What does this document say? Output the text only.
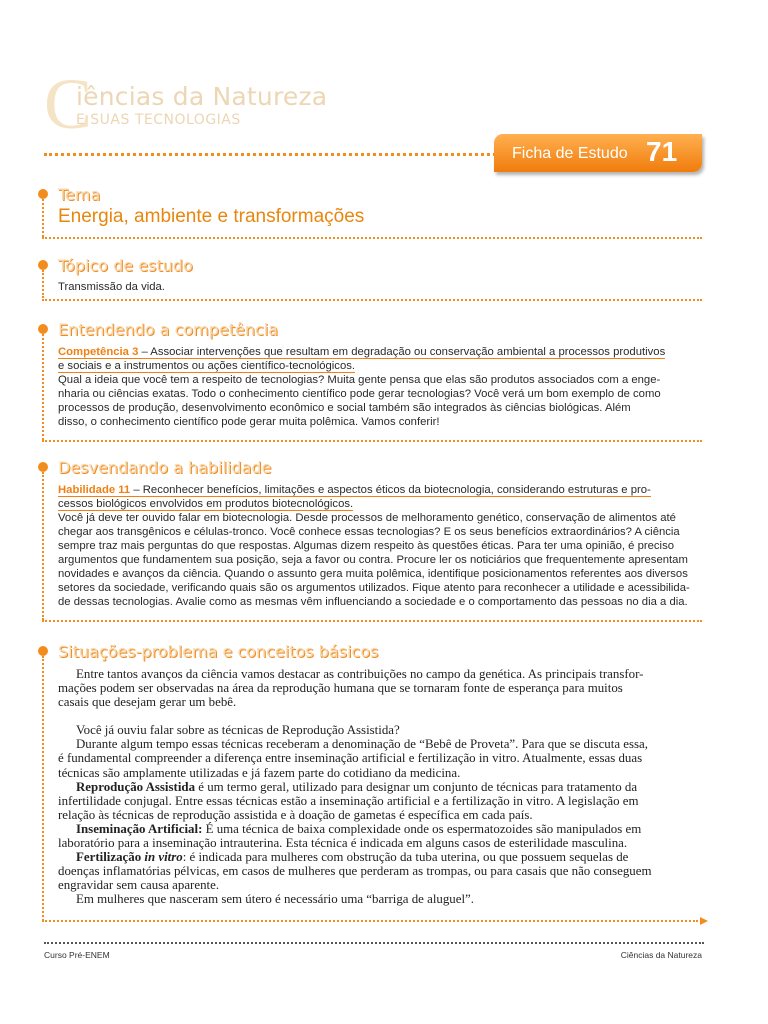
C
iências da Natureza
E SUAS TECNOLOGIAS
Ficha de Estudo 71
Tema
Energia, ambiente e transformações
Tópico de estudo
Transmissão da vida.
Entendendo a competência
Competência 3 – Associar intervenções que resultam em degradação ou conservação ambiental a processos produtivos
e sociais e a instrumentos ou ações científico-tecnológicos.
Qual a ideia que você tem a respeito de tecnologias? Muita gente pensa que elas são produtos associados com a enge-
nharia ou ciências exatas. Todo o conhecimento científico pode gerar tecnologias? Você verá um bom exemplo de como
processos de produção, desenvolvimento econômico e social também são integrados às ciências biológicas. Além
disso, o conhecimento científico pode gerar muita polêmica. Vamos conferir!
Desvendando a habilidade
Habilidade 11 – Reconhecer benefícios, limitações e aspectos éticos da biotecnologia, considerando estruturas e pro-
cessos biológicos envolvidos em produtos biotecnológicos.
Você já deve ter ouvido falar em biotecnologia. Desde processos de melhoramento genético, conservação de alimentos até
chegar aos transgênicos e células-tronco. Você conhece essas tecnologias? E os seus benefícios extraordinários? A ciência
sempre traz mais perguntas do que respostas. Algumas dizem respeito às questões éticas. Para ter uma opinião, é preciso
argumentos que fundamentem sua posição, seja a favor ou contra. Procure ler os noticiários que frequentemente apresentam
novidades e avanços da ciência. Quando o assunto gera muita polêmica, identifique posicionamentos referentes aos diversos
setores da sociedade, verificando quais são os argumentos utilizados. Fique atento para reconhecer a utilidade e acessibilida-
de dessas tecnologias. Avalie como as mesmas vêm influenciando a sociedade e o comportamento das pessoas no dia a dia.
Situações-problema e conceitos básicos

Entre tantos avanços da ciência vamos destacar as contribuições no campo da genética. As principais transfor-

mações podem ser observadas na área da reprodução humana que se tornaram fonte de esperança para muitos

casais que desejam gerar um bebê.

Você já ouviu falar sobre as técnicas de Reprodução Assistida?

Durante algum tempo essas técnicas receberam a denominação de “Bebê de Proveta”. Para que se discuta essa,

é fundamental compreender a diferença entre inseminação artificial e fertilização in vitro. Atualmente, essas duas

técnicas são amplamente utilizadas e já fazem parte do cotidiano da medicina.

Reprodução Assistida é um termo geral, utilizado para designar um conjunto de técnicas para tratamento da

infertilidade conjugal. Entre essas técnicas estão a inseminação artificial e a fertilização in vitro. A legislação em

relação às técnicas de reprodução assistida e à doação de gametas é específica em cada país.

Inseminação Artificial: É uma técnica de baixa complexidade onde os espermatozoides são manipulados em

laboratório para a inseminação intrauterina. Esta técnica é indicada em alguns casos de esterilidade masculina.

Fertilização in vitro: é indicada para mulheres com obstrução da tuba uterina, ou que possuem sequelas de

doenças inflamatórias pélvicas, em casos de mulheres que perderam as trompas, ou para casais que não conseguem

engravidar sem causa aparente.

Em mulheres que nasceram sem útero é necessário uma “barriga de aluguel”.

Curso Pré-ENEM	Ciências da Natureza
